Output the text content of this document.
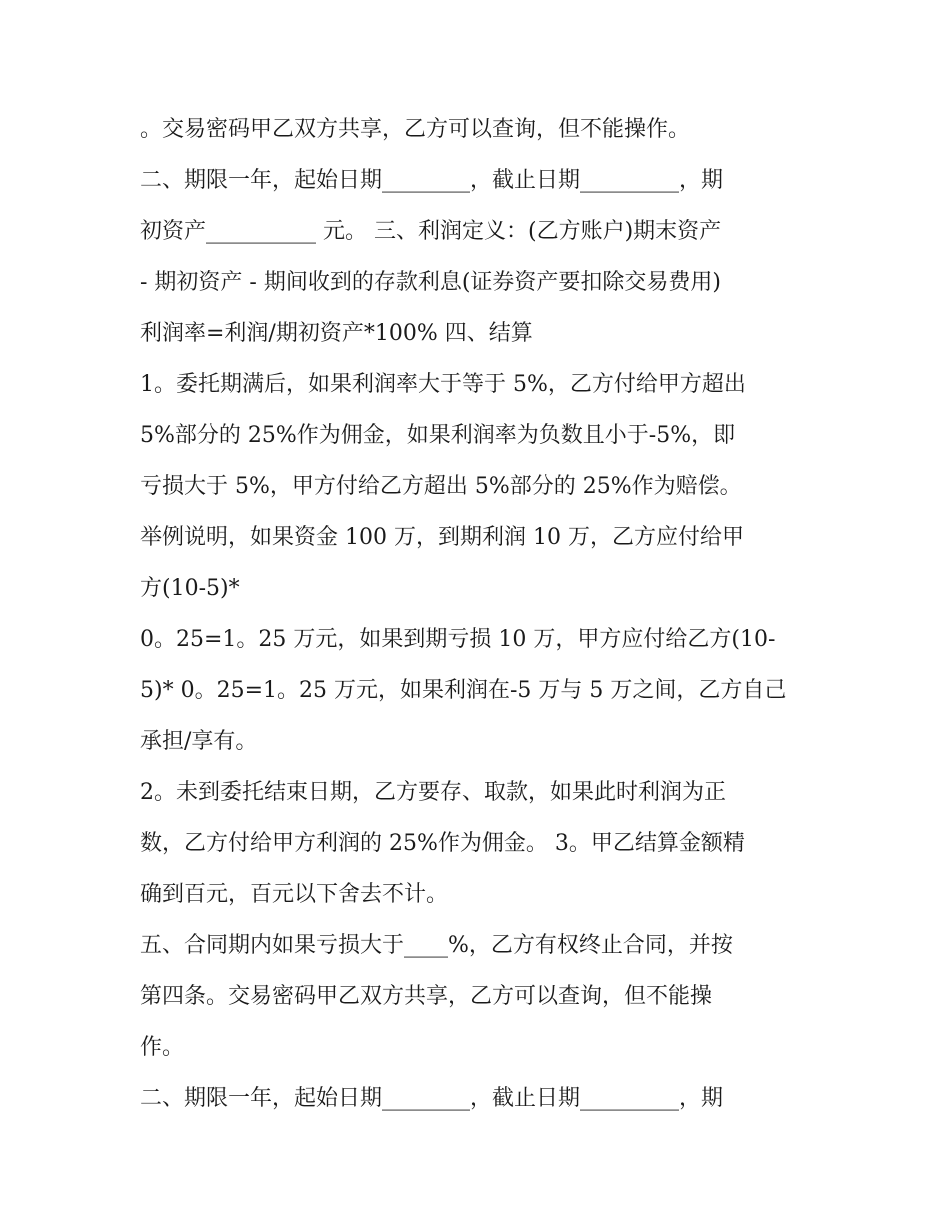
。交易密码甲乙双方共享，乙方可以查询，但不能操作。
二、期限一年，起始日期________，截止日期_________，期
初资产__________ 元。 三、利润定义：(乙方账户)期末资产
- 期初资产 - 期间收到的存款利息(证券资产要扣除交易费用)
利润率=利润/期初资产*100% 四、结算
1。委托期满后，如果利润率大于等于 5%，乙方付给甲方超出
5%部分的 25%作为佣金，如果利润率为负数且小于-5%，即
亏损大于 5%，甲方付给乙方超出 5%部分的 25%作为赔偿。
举例说明，如果资金 100 万，到期利润 10 万，乙方应付给甲
方(10-5)*
0。25=1。25 万元，如果到期亏损 10 万，甲方应付给乙方(10-
5)* 0。25=1。25 万元，如果利润在-5 万与 5 万之间，乙方自己
承担/享有。
2。未到委托结束日期，乙方要存、取款，如果此时利润为正
数，乙方付给甲方利润的 25%作为佣金。 3。甲乙结算金额精
确到百元，百元以下舍去不计。
五、合同期内如果亏损大于____%，乙方有权终止合同，并按
第四条。交易密码甲乙双方共享，乙方可以查询，但不能操
作。
二、期限一年，起始日期________，截止日期_________，期
